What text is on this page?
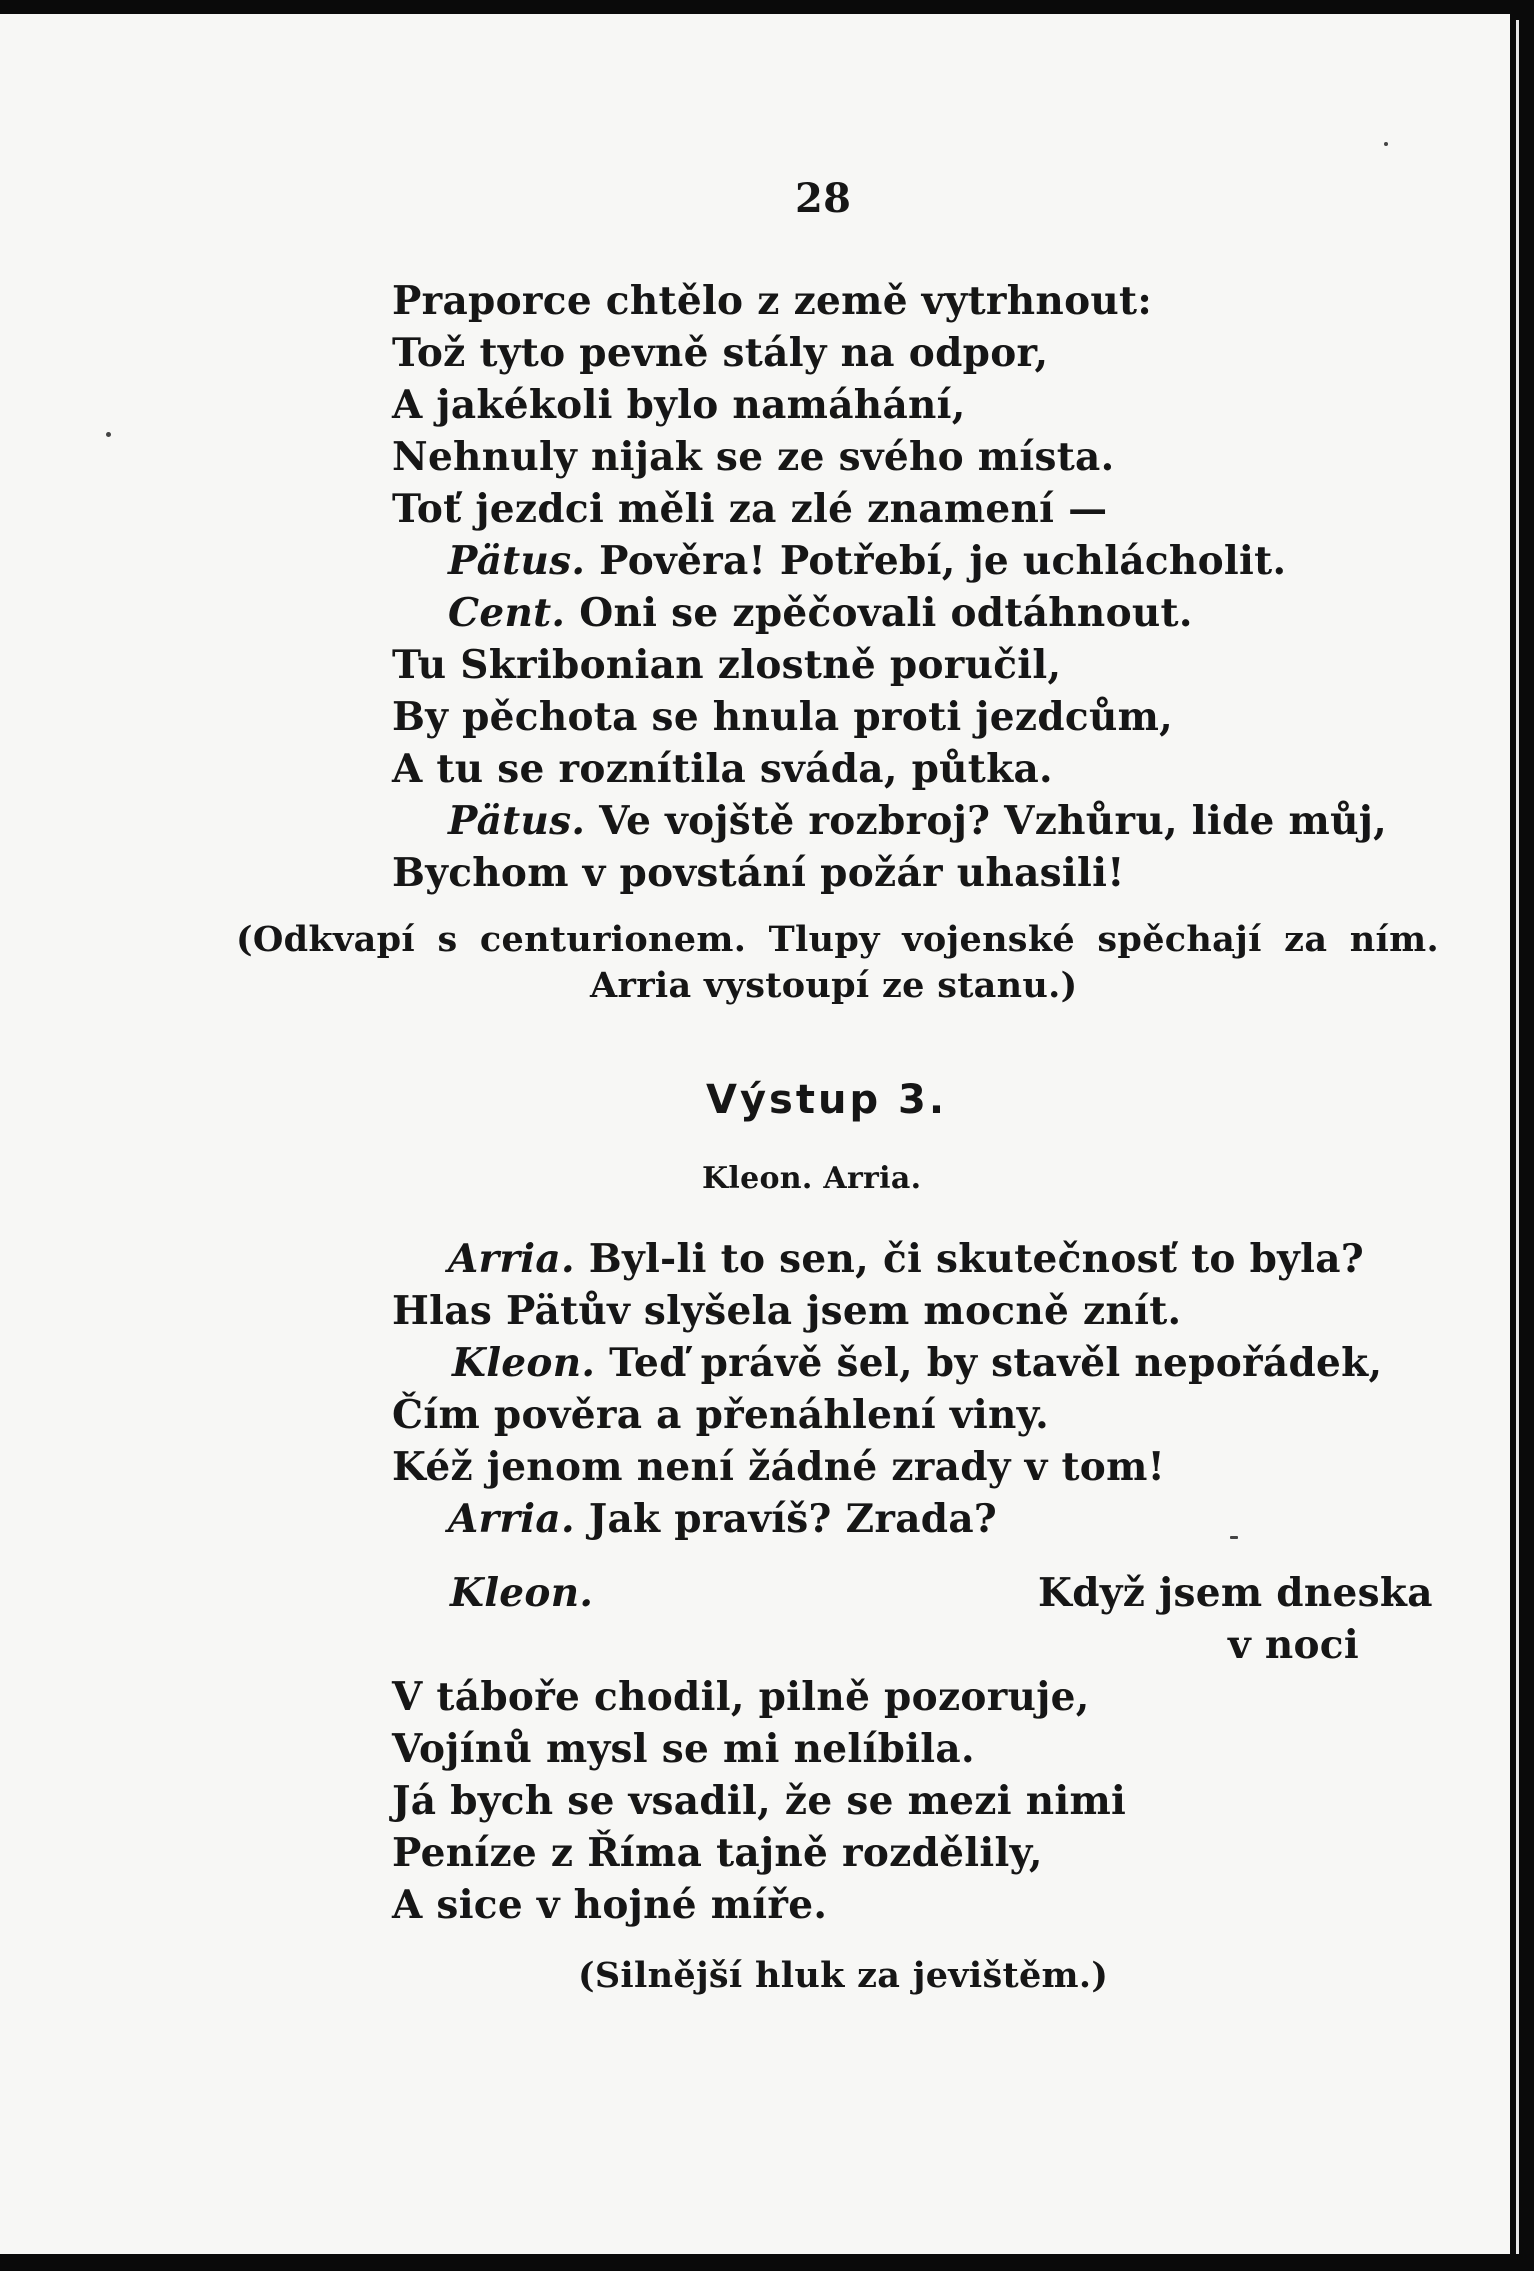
28
Praporce chtělo z země vytrhnout:
Tož tyto pevně stály na odpor,
A jakékoli bylo namáhání,
Nehnuly nijak se ze svého místa.
Toť jezdci měli za zlé znamení —
Pätus. Pověra! Potřebí, je uchlácholit.
Cent. Oni se zpěčovali odtáhnout.
Tu Skribonian zlostně poručil,
By pěchota se hnula proti jezdcům,
A tu se roznítila sváda, půtka.
Pätus. Ve vojště rozbroj? Vzhůru, lide můj,
Bychom v povstání požár uhasili!
(Odkvapí s centurionem. Tlupy vojenské spěchají za ním.
Arria vystoupí ze stanu.)
Výstup 3.
Kleon. Arria.
Arria. Byl-li to sen, či skutečnosť to byla?
Hlas Pätův slyšela jsem mocně znít.
Kleon. Teď právě šel, by stavěl nepořádek,
Čím pověra a přenáhlení viny.
Kéž jenom není žádné zrady v tom!
Arria. Jak pravíš? Zrada?
Kleon.	Když jsem dneska
v noci
V táboře chodil, pilně pozoruje,
Vojínů mysl se mi nelíbila.
Já bych se vsadil, že se mezi nimi
Peníze z Říma tajně rozdělily,
A sice v hojné míře.
(Silnější hluk za jevištěm.)
